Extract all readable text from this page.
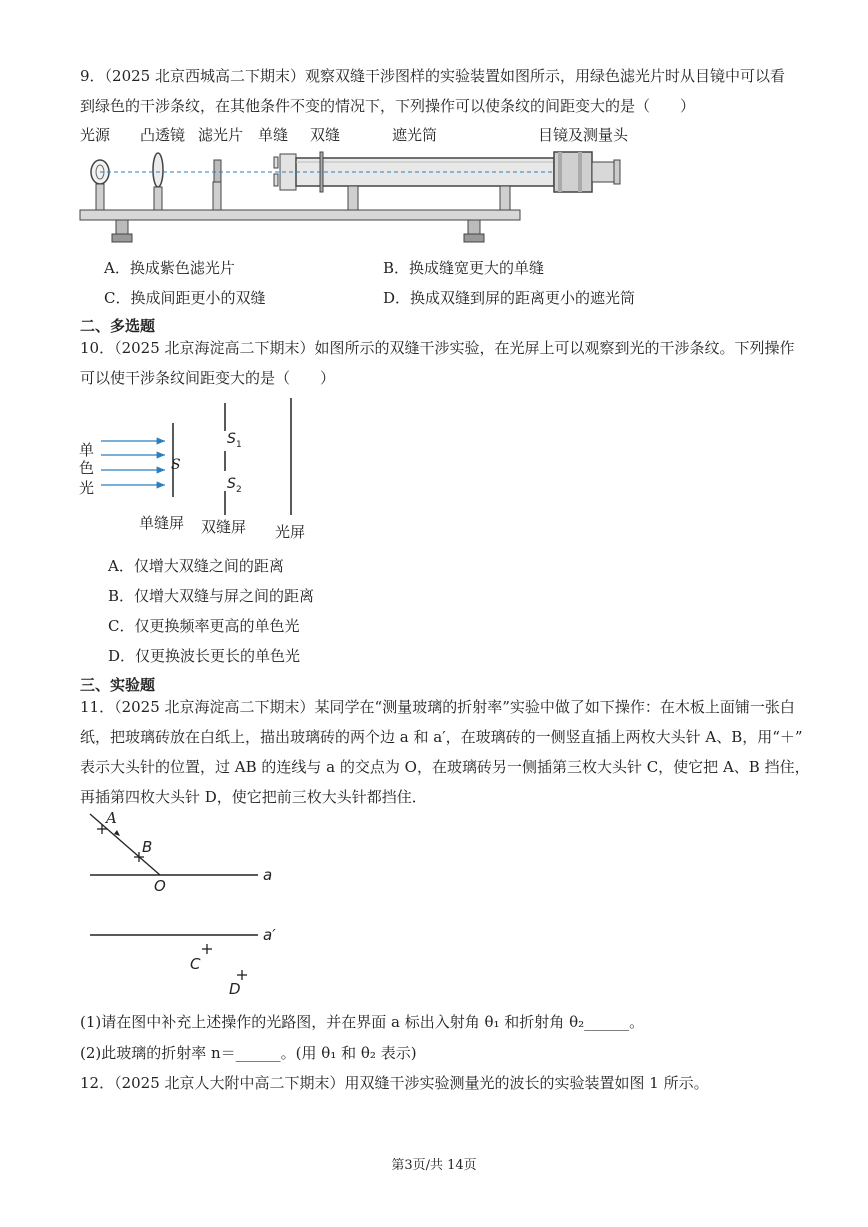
9．（2025 北京西城高二下期末）观察双缝干涉图样的实验装置如图所示，用绿色滤光片时从目镜中可以看
到绿色的干涉条纹，在其他条件不变的情况下，下列操作可以使条纹的间距变大的是（　　）
光源 凸透镜 滤光片 单缝 双缝	遮光筒	目镜及测量头
A．换成紫色滤光片	B．换成缝宽更大的单缝
C．换成间距更小的双缝	D．换成双缝到屏的距离更小的遮光筒
二、多选题
10．（2025 北京海淀高二下期末）如图所示的双缝干涉实验，在光屏上可以观察到光的干涉条纹。下列操作
可以使干涉条纹间距变大的是（　　）
单
色
光
S
S 1
S 2
单缝屏 双缝屏 光屏
A．仅增大双缝之间的距离
B．仅增大双缝与屏之间的距离
C．仅更换频率更高的单色光
D．仅更换波长更长的单色光
三、实验题
11．（2025 北京海淀高二下期末）某同学在“测量玻璃的折射率”实验中做了如下操作：在木板上面铺一张白
纸，把玻璃砖放在白纸上，描出玻璃砖的两个边 a 和 a′，在玻璃砖的一侧竖直插上两枚大头针 A、B，用“＋”
表示大头针的位置，过 AB 的连线与 a 的交点为 O，在玻璃砖另一侧插第三枚大头针 C，使它把 A、B 挡住，
再插第四枚大头针 D，使它把前三枚大头针都挡住．
A
B
O
a
a′
C
D
(1)请在图中补充上述操作的光路图，并在界面 a 标出入射角 θ₁ 和折射角 θ₂______。
(2)此玻璃的折射率 n＝______。(用 θ₁ 和 θ₂ 表示)
12．（2025 北京人大附中高二下期末）用双缝干涉实验测量光的波长的实验装置如图 1 所示。
第3页/共 14页
